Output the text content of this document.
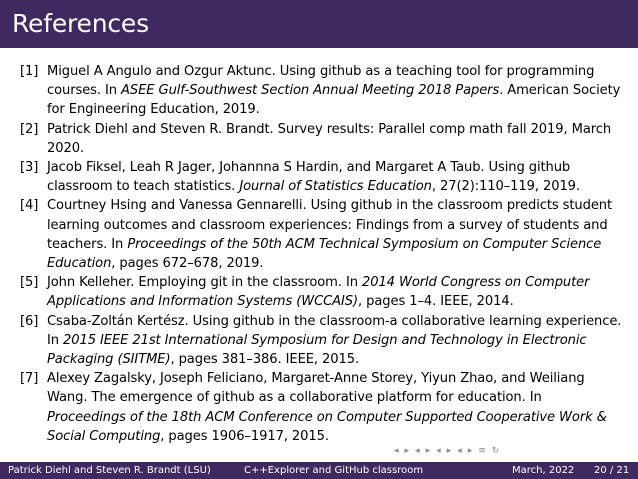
References
[1] Miguel A Angulo and Ozgur Aktunc. Using github as a teaching tool for programming courses. In ASEE Gulf-Southwest Section Annual Meeting 2018 Papers. American Society for Engineering Education, 2019.
[2] Patrick Diehl and Steven R. Brandt. Survey results: Parallel comp math fall 2019, March 2020.
[3] Jacob Fiksel, Leah R Jager, Johannna S Hardin, and Margaret A Taub. Using github classroom to teach statistics. Journal of Statistics Education, 27(2):110–119, 2019.
[4] Courtney Hsing and Vanessa Gennarelli. Using github in the classroom predicts student learning outcomes and classroom experiences: Findings from a survey of students and teachers. In Proceedings of the 50th ACM Technical Symposium on Computer Science Education, pages 672–678, 2019.
[5] John Kelleher. Employing git in the classroom. In 2014 World Congress on Computer Applications and Information Systems (WCCAIS), pages 1–4. IEEE, 2014.
[6] Csaba-Zoltán Kertész. Using github in the classroom-a collaborative learning experience. In 2015 IEEE 21st International Symposium for Design and Technology in Electronic Packaging (SIITME), pages 381–386. IEEE, 2015.
[7] Alexey Zagalsky, Joseph Feliciano, Margaret-Anne Storey, Yiyun Zhao, and Weiliang Wang. The emergence of github as a collaborative platform for education. In Proceedings of the 18th ACM Conference on Computer Supported Cooperative Work & Social Computing, pages 1906–1917, 2015.
◂ ▸ ◂ ▸ ◂ ▸ ◂ ▸ ≡ ↻
Patrick Diehl and Steven R. Brandt (LSU)	C++Explorer and GitHub classroom	March, 2022 20 / 21
